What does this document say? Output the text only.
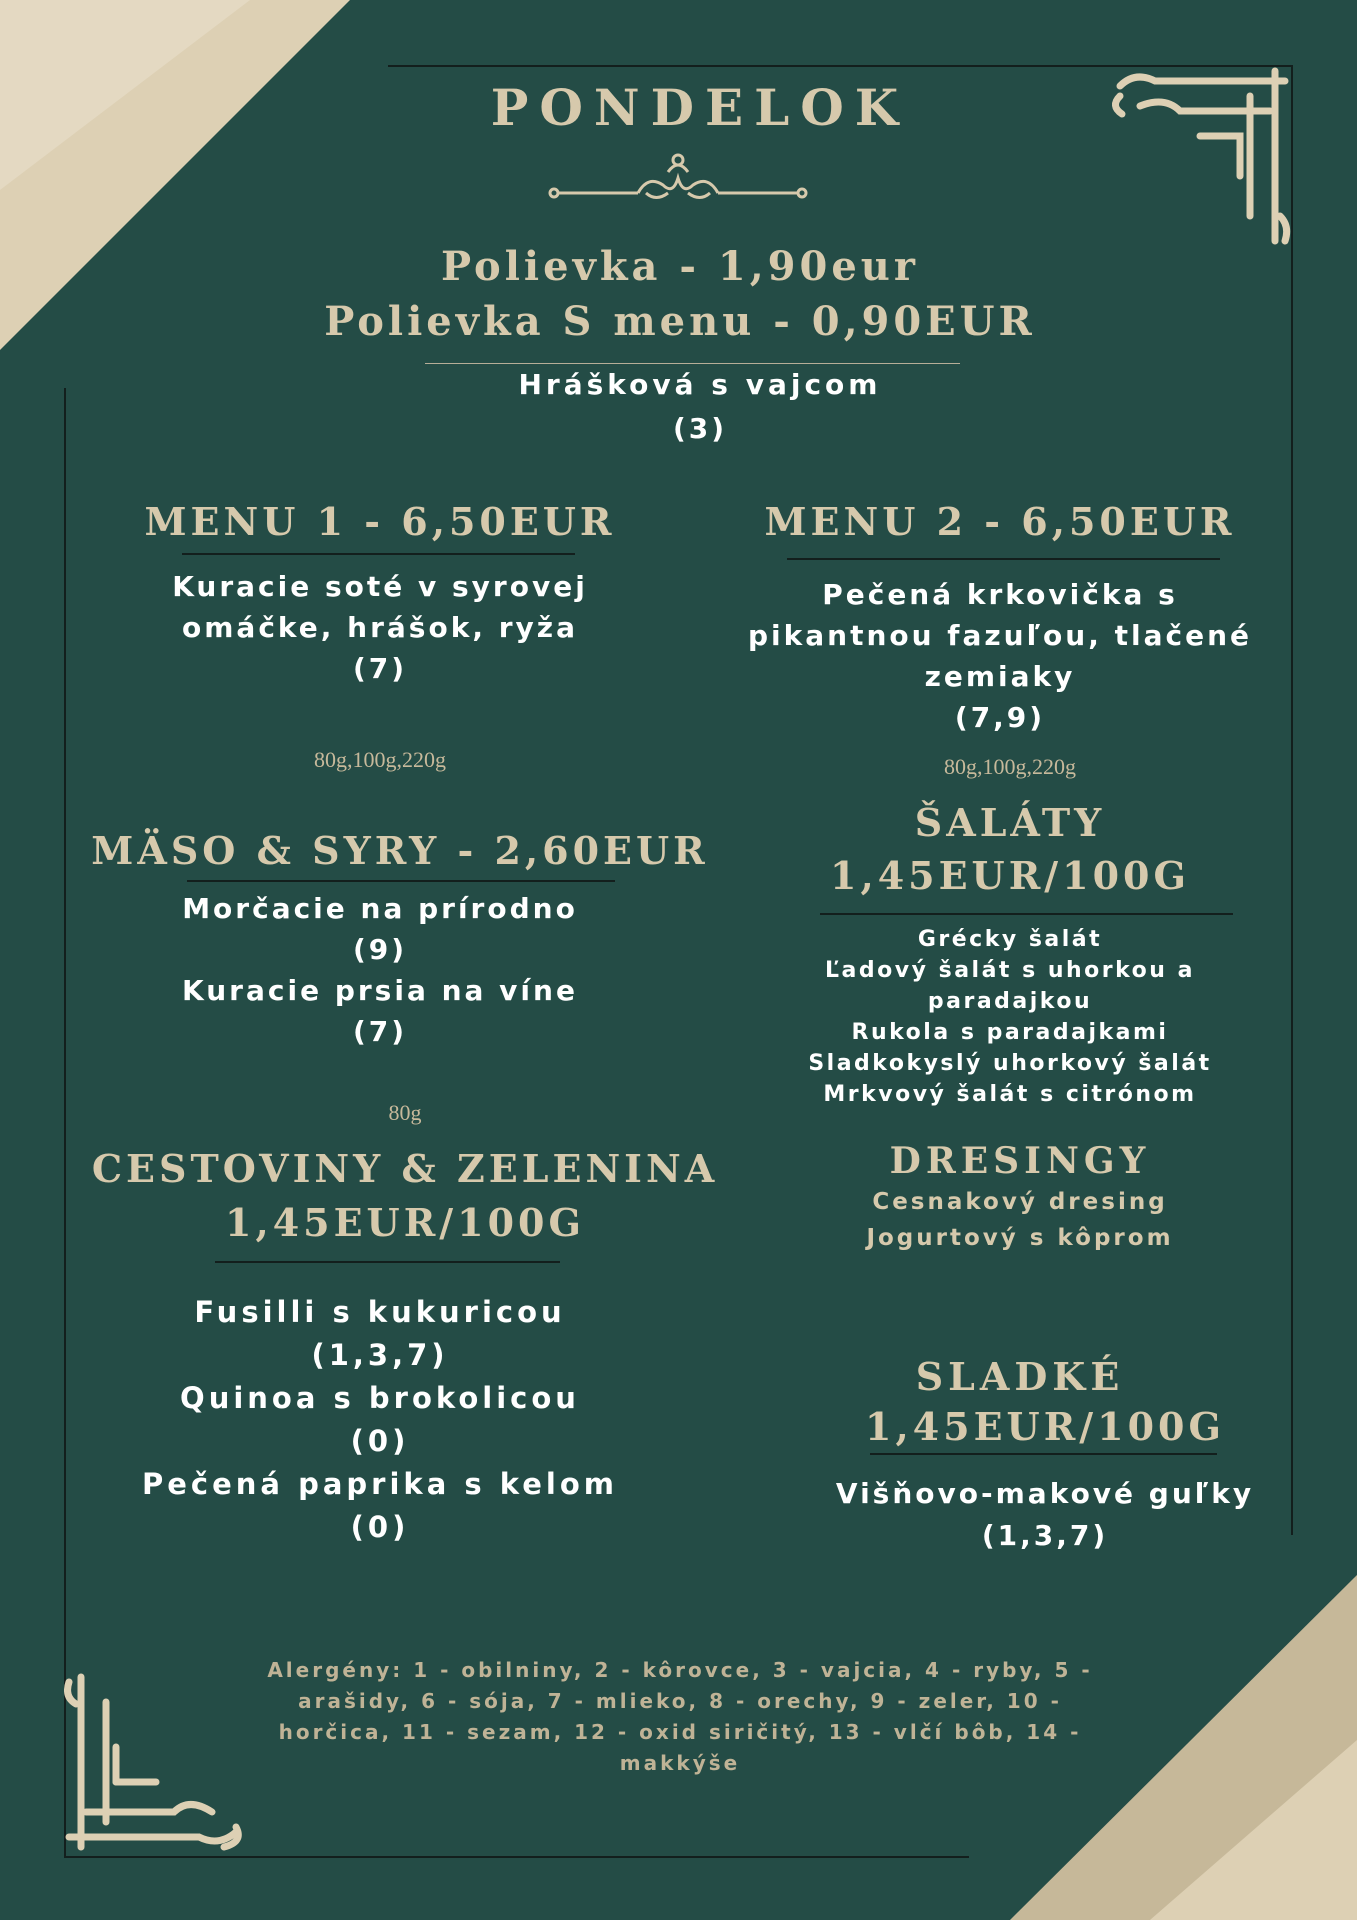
PONDELOK
Polievka - 1,90eur
Polievka S menu - 0,90EUR
Hrášková s vajcom
(3)
MENU 1 - 6,50EUR
Kuracie soté v syrovej
omáčke, hrášok, ryža
(7)
80g,100g,220g
MENU 2 - 6,50EUR
Pečená krkovička s
pikantnou fazuľou, tlačené
zemiaky
(7,9)
80g,100g,220g
MÄSO & SYRY - 2,60EUR
Morčacie na prírodno
(9)
Kuracie prsia na víne
(7)
80g
ŠALÁTY
1,45EUR/100G
Grécky šalát
Ľadový šalát s uhorkou a
paradajkou
Rukola s paradajkami
Sladkokyslý uhorkový šalát
Mrkvový šalát s citrónom
DRESINGY
Cesnakový dresing
Jogurtový s kôprom
CESTOVINY & ZELENINA
1,45EUR/100G
Fusilli s kukuricou
(1,3,7)
Quinoa s brokolicou
(0)
Pečená paprika s kelom
(0)
SLADKÉ
1,45EUR/100G
Višňovo-makové guľky
(1,3,7)
Alergény: 1 - obilniny, 2 - kôrovce, 3 - vajcia, 4 - ryby, 5 -
arašidy, 6 - sója, 7 - mlieko, 8 - orechy, 9 - zeler, 10 -
horčica, 11 - sezam, 12 - oxid siričitý, 13 - vlčí bôb, 14 -
makkýše
